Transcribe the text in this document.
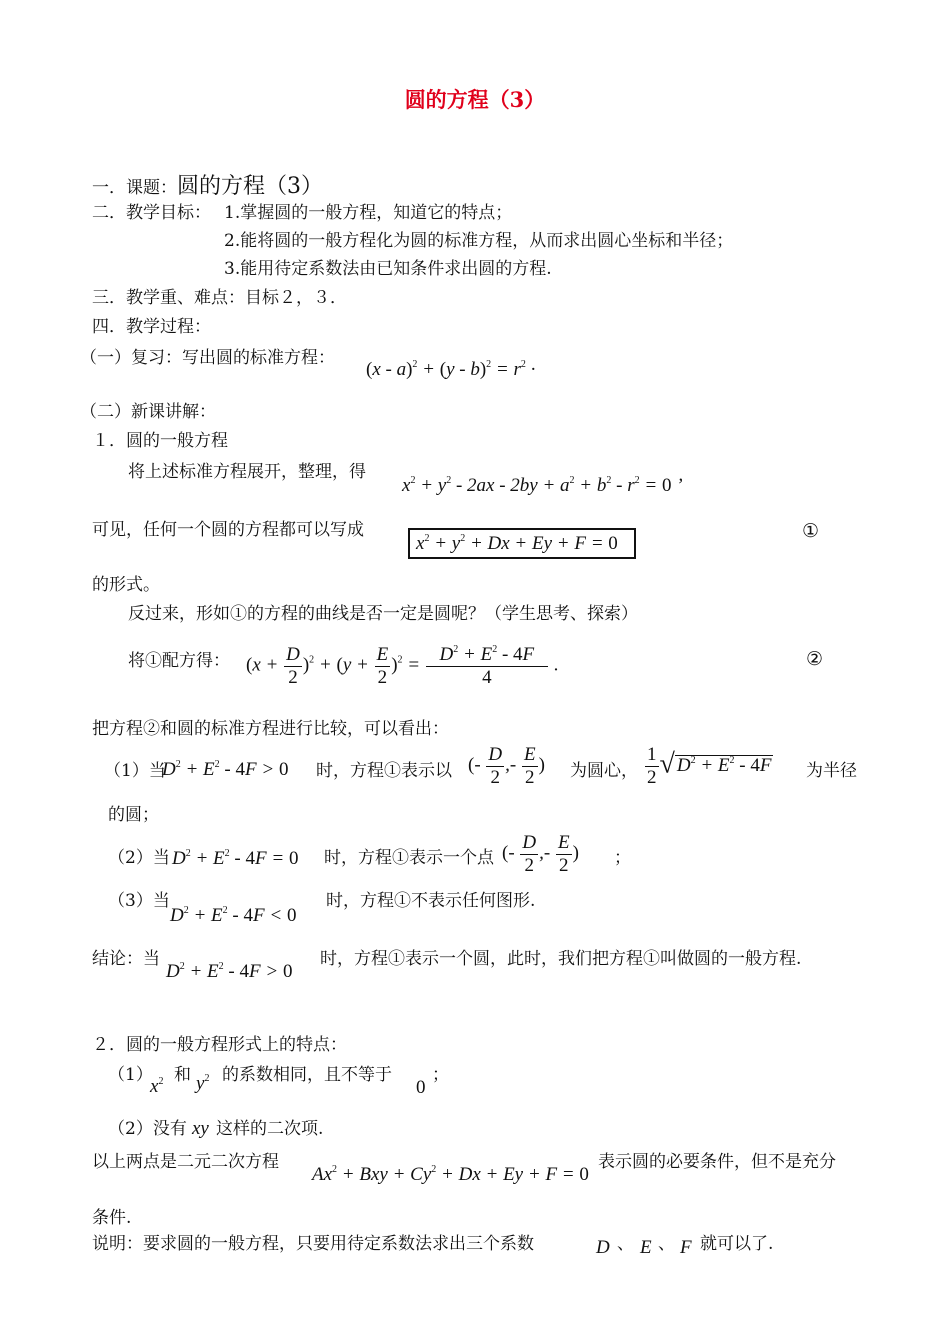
圆的方程（3）
一．课题：圆的方程（3）
二．教学目标： 1.掌握圆的一般方程，知道它的特点；
2.能将圆的一般方程化为圆的标准方程，从而求出圆心坐标和半径；
3.能用待定系数法由已知条件求出圆的方程.
三．教学重、难点：目标２，３．
四．教学过程：
（一）复习：写出圆的标准方程：
$(x - a)^2 + (y - b)^2 = r^2$ ·
（二）新课讲解：
１．圆的一般方程
将上述标准方程展开，整理，得
$x^2 + y^2 - 2ax - 2by + a^2 + b^2 - r^2 = 0$ ’
可见，任何一个圆的方程都可以写成
$x^2 + y^2 + Dx + Ey + F = 0$
①
的形式。
反过来，形如①的方程的曲线是否一定是圆呢？（学生思考、探索）
将①配方得： $(x + \frac{D}{2} )^2 + (y + \frac{E}{2} )^2 = \frac{D^2 + E^2 - 4F}{4}$ .	②
把方程②和圆的标准方程进行比较，可以看出：
（1）当
$D^2 + E^2 - 4F > 0$ 时，方程①表示以 (- $\frac{D}{2}$ ,- $\frac{E}{2}$ ) 为圆心， $\frac{1}{2}$ √ $D^2 + E^2 - 4F$ 为半径
的圆；
（2）当 $D^2 + E^2 - 4F = 0$ 时，方程①表示一个点 (- $\frac{D}{2}$ ,- $\frac{E}{2}$ ) ；
（3）当
$D^2 + E^2 - 4F < 0$
时，方程①不表示任何图形.
结论：当
$D^2 + E^2 - 4F > 0$
时，方程①表示一个圆，此时，我们把方程①叫做圆的一般方程.
２．圆的一般方程形式上的特点：
（1）
$x^2$ 和 $y^2$ 的系数相同，且不等于
0
；
（2）没有 xy 这样的二次项.
以上两点是二元二次方程
$Ax^2$ + Bxy + $Cy^2 + Dx + Ey + F = 0$
表示圆的必要条件，但不是充分
条件.
说明：要求圆的一般方程，只要用待定系数法求出三个系数	D 、 E 、 F 就可以了.
